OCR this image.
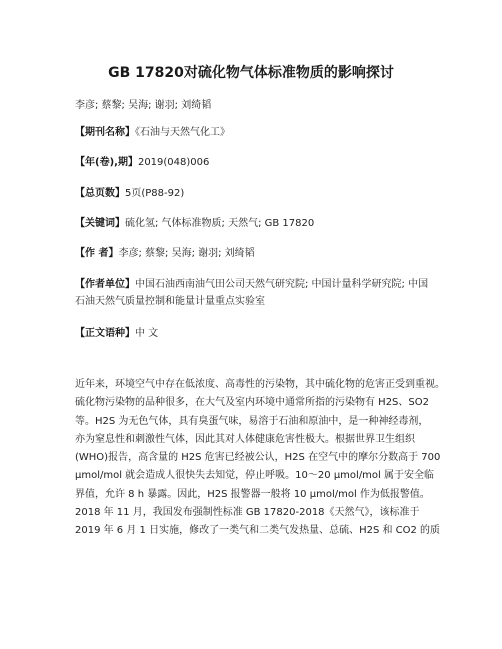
GB 17820对硫化物气体标准物质的影响探讨
李彦; 蔡黎; 吴海; 谢羽; 刘绮韬
【期刊名称】《石油与天然气化工》
【年(卷),期】2019(048)006
【总页数】5页(P88-92)
【关键词】硫化氢; 气体标准物质; 天然气; GB 17820
【作 者】李彦; 蔡黎; 吴海; 谢羽; 刘绮韬
【作者单位】中国石油西南油气田公司天然气研究院; 中国计量科学研究院; 中国
石油天然气质量控制和能量计量重点实验室
【正文语种】中 文
近年来，环境空气中存在低浓度、高毒性的污染物，其中硫化物的危害正受到重视。
硫化物污染物的品种很多，在大气及室内环境中通常所指的污染物有 H2S、SO2
等。H2S 为无色气体，具有臭蛋气味，易溶于石油和原油中，是一种神经毒剂，
亦为窒息性和刺激性气体，因此其对人体健康危害性极大。根据世界卫生组织
(WHO)报告，高含量的 H2S 危害已经被公认，H2S 在空气中的摩尔分数高于 700
μmol/mol 就会造成人很快失去知觉，停止呼吸。10～20 μmol/mol 属于安全临
界值，允许 8 h 暴露。因此，H2S 报警器一般将 10 μmol/mol 作为低报警值。
2018 年 11 月，我国发布强制性标准 GB 17820-2018《天然气》，该标准于
2019 年 6 月 1 日实施，修改了一类气和二类气发热量、总硫、H2S 和 CO2 的质
